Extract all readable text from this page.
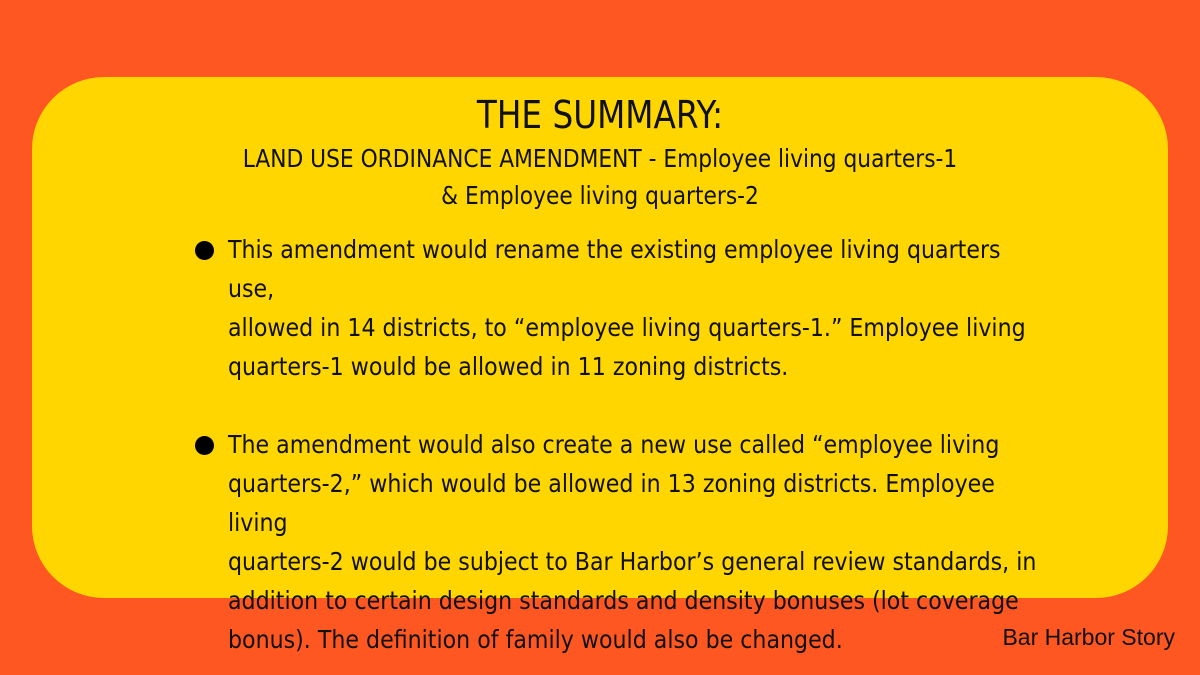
THE SUMMARY:
LAND USE ORDINANCE AMENDMENT - Employee living quarters-1
& Employee living quarters-2
This amendment would rename the existing employee living quarters use,
allowed in 14 districts, to “employee living quarters-1.” Employee living
quarters-1 would be allowed in 11 zoning districts.
The amendment would also create a new use called “employee living
quarters-2,” which would be allowed in 13 zoning districts. Employee living
quarters-2 would be subject to Bar Harbor’s general review standards, in
addition to certain design standards and density bonuses (lot coverage
bonus). The definition of family would also be changed.	Bar Harbor Story
